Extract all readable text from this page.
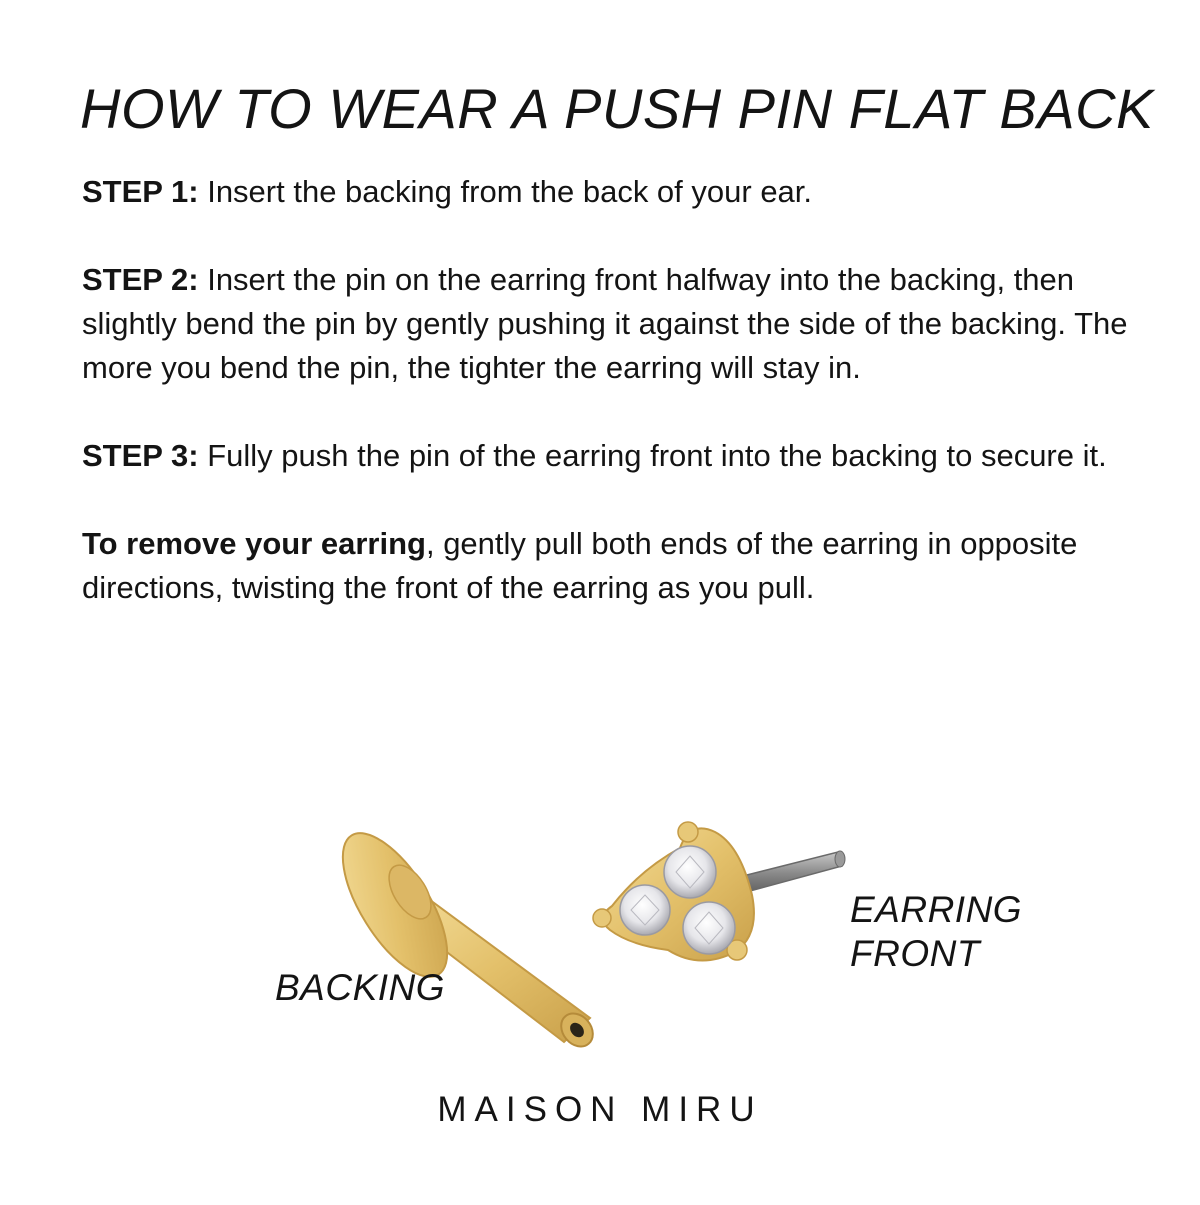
HOW TO WEAR A PUSH PIN FLAT BACK

STEP 1: Insert the backing from the back of your ear.

STEP 2: Insert the pin on the earring front halfway into the backing, then slightly bend the pin by gently pushing it against the side of the backing. The more you bend the pin, the tighter the earring will stay in.

STEP 3: Fully push the pin of the earring front into the backing to secure it.

To remove your earring, gently pull both ends of the earring in opposite directions, twisting the front of the earring as you pull.

BACKING
EARRING
FRONT
MAISON MIRU
